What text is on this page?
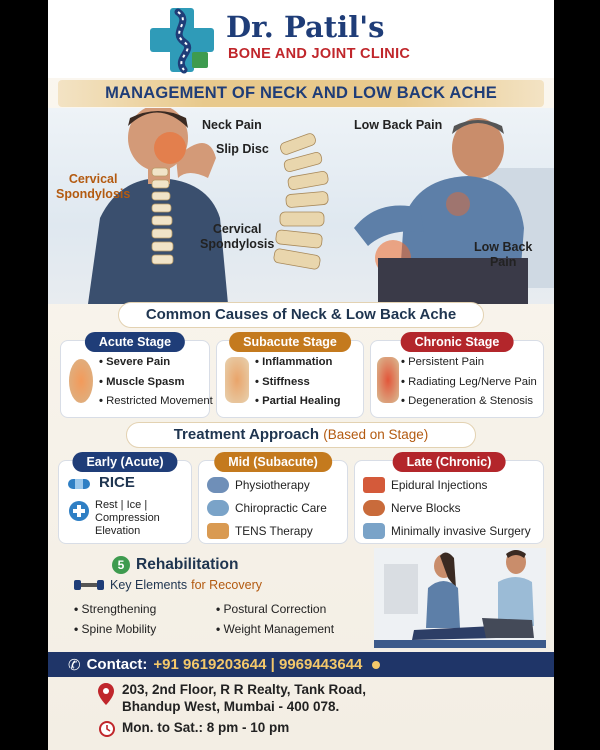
Dr. Patil's
BONE AND JOINT CLINIC
MANAGEMENT OF NECK AND LOW BACK ACHE
Neck Pain
Slip Disc
Cervical
Spondylosis
Cervical
Spondylosis
Low Back Pain
Low Back
Pain
Common Causes of Neck & Low Back Ache
Acute Stage
• Severe Pain
• Muscle Spasm
• Restricted Movement
Subacute Stage
• Inflammation
• Stiffness
• Partial Healing
Chronic Stage
• Persistent Pain
• Radiating Leg/Nerve Pain
• Degeneration & Stenosis
Treatment Approach (Based on Stage)
Early (Acute)
RICE
Rest | Ice |
Compression
Elevation
Mid (Subacute)
Physiotherapy
Chiropractic Care
TENS Therapy
Late (Chronic)
Epidural Injections
Nerve Blocks
Minimally invasive Surgery
5 Rehabilitation
Key Elements for Recovery
• Strengthening	• Postural Correction
• Spine Mobility	• Weight Management
✆ Contact: +91 9619203644 | 9969443644
203, 2nd Floor, R R Realty, Tank Road,
Bhandup West, Mumbai - 400 078.
Mon. to Sat.: 8 pm - 10 pm
